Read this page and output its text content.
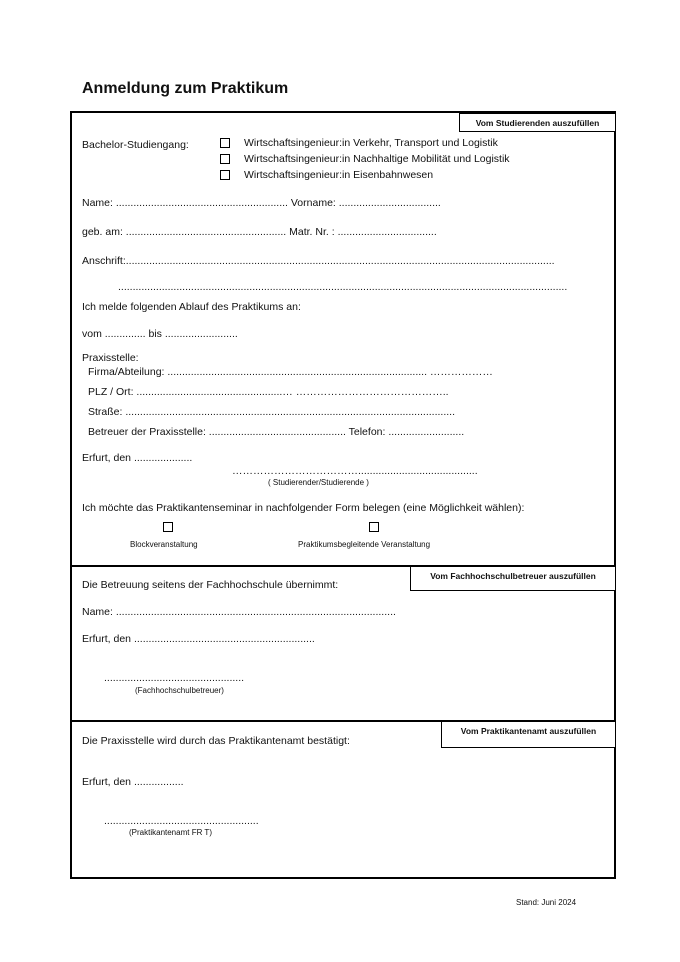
Anmeldung zum Praktikum
Vom Studierenden auszufüllen
Bachelor-Studiengang:	Wirtschaftsingenieur:in Verkehr, Transport und Logistik
Wirtschaftsingenieur:in Nachhaltige Mobilität und Logistik
Wirtschaftsingenieur:in Eisenbahnwesen
Name: ........................................................... Vorname: ...................................
geb. am: ....................................................... Matr. Nr. : ..................................
Anschrift:...................................................................................................................................................
..........................................................................................................................................................
Ich melde folgenden Ablauf des Praktikums an:
vom .............. bis .........................
Praxisstelle:
Firma/Abteilung: ......................................................................................... ………………
PLZ / Ort: ..................................................… ……………………………………..
Straße: .................................................................................................................
Betreuer der Praxisstelle: ............................................... Telefon: ..........................
Erfurt, den ....................
……………………………….........................................
( Studierender/Studierende )
Ich möchte das Praktikantenseminar in nachfolgender Form belegen (eine Möglichkeit wählen):
Blockveranstaltung	Praktikumsbegleitende Veranstaltung
Vom Fachhochschulbetreuer auszufüllen
Die Betreuung seitens der Fachhochschule übernimmt:
Name: ................................................................................................
Erfurt, den ..............................................................
................................................
(Fachhochschulbetreuer)
Vom Praktikantenamt auszufüllen
Die Praxisstelle wird durch das Praktikantenamt bestätigt:
Erfurt, den .................
.....................................................
(Praktikantenamt FR T)
Stand: Juni 2024
